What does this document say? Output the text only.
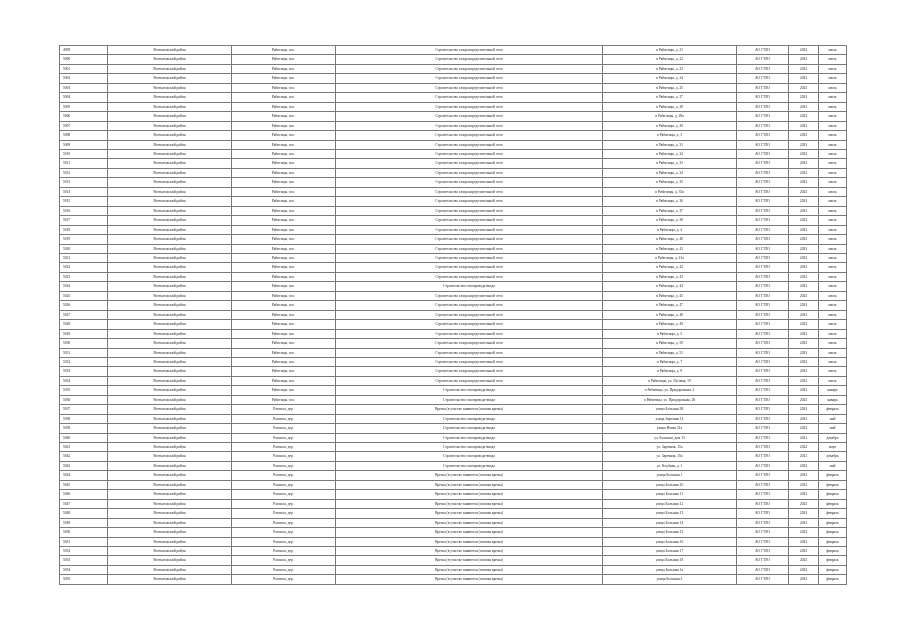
4999	Всеволожский район	Рябитицы, пос.	Строительство газораспределительной сети	п Рябитицы, д. 21	АО ГТЛО	2023	июль
5000	Всеволожский район	Рябитицы, пос.	Строительство газораспределительной сети	п Рябитицы, д. 22	АО ГТЛО	2023	июль
5001	Всеволожский район	Рябитицы, пос.	Строительство газораспределительной сети	п Рябитицы, д. 23	АО ГТЛО	2023	июль
5002	Всеволожский район	Рябитицы, пос.	Строительство газораспределительной сети	п Рябитицы, д. 24	АО ГТЛО	2023	июль
5003	Всеволожский район	Рябитицы, пос.	Строительство газораспределительной сети	п Рябитицы, д. 25	АО ГТЛО	2023	июль
5004	Всеволожский район	Рябитицы, пос.	Строительство газораспределительной сети	п Рябитицы, д. 27	АО ГТЛО	2023	июль
5005	Всеволожский район	Рябитицы, пос.	Строительство газораспределительной сети	п Рябитицы, д. 28	АО ГТЛО	2023	июль
5006	Всеволожский район	Рябитицы, пос.	Строительство газораспределительной сети	п Рябитицы, д. 28а	АО ГТЛО	2023	июль
5007	Всеволожский район	Рябитицы, пос.	Строительство газораспределительной сети	п Рябитицы, д. 29	АО ГТЛО	2023	июль
5008	Всеволожский район	Рябитицы, пос.	Строительство газораспределительной сети	п Рябитицы, д. 3	АО ГТЛО	2023	июль
5009	Всеволожский район	Рябитицы, пос.	Строительство газораспределительной сети	п Рябитицы, д. 31	АО ГТЛО	2023	июль
5010	Всеволожский район	Рябитицы, пос.	Строительство газораспределительной сети	п Рябитицы, д. 32	АО ГТЛО	2023	июль
5011	Всеволожский район	Рябитицы, пос.	Строительство газораспределительной сети	п Рябитицы, д. 33	АО ГТЛО	2023	июль
5012	Всеволожский район	Рябитицы, пос.	Строительство газораспределительной сети	п Рябитицы, д. 34	АО ГТЛО	2023	июль
5013	Всеволожский район	Рябитицы, пос.	Строительство газораспределительной сети	п Рябитицы, д. 35	АО ГТЛО	2023	июль
5014	Всеволожский район	Рябитицы, пос.	Строительство газораспределительной сети	п Рябитицы, д. 35а	АО ГТЛО	2023	июль
5015	Всеволожский район	Рябитицы, пос.	Строительство газораспределительной сети	п Рябитицы, д. 36	АО ГТЛО	2023	июль
5016	Всеволожский район	Рябитицы, пос.	Строительство газораспределительной сети	п Рябитицы, д. 37	АО ГТЛО	2023	июль
5017	Всеволожский район	Рябитицы, пос.	Строительство газораспределительной сети	п Рябитицы, д. 38	АО ГТЛО	2023	июль
5018	Всеволожский район	Рябитицы, пос.	Строительство газораспределительной сети	п Рябитицы, д. 4	АО ГТЛО	2023	июль
5019	Всеволожский район	Рябитицы, пос.	Строительство газораспределительной сети	п Рябитицы, д. 40	АО ГТЛО	2023	июль
5020	Всеволожский район	Рябитицы, пос.	Строительство газораспределительной сети	п Рябитицы, д. 41	АО ГТЛО	2023	июль
5021	Всеволожский район	Рябитицы, пос.	Строительство газораспределительной сети	п Рябитицы, д. 41а	АО ГТЛО	2023	июль
5022	Всеволожский район	Рябитицы, пос.	Строительство газораспределительной сети	п Рябитицы, д. 42	АО ГТЛО	2023	июль
5023	Всеволожский район	Рябитицы, пос.	Строительство газораспределительной сети	п Рябитицы, д. 43	АО ГТЛО	2023	июль
5024	Всеволожский район	Рябитицы, пос.	Строительство газопровода-ввода	п Рябитицы, д. 44	АО ГТЛО	2023	июль
5025	Всеволожский район	Рябитицы, пос.	Строительство газораспределительной сети	п Рябитицы, д. 45	АО ГТЛО	2023	июль
5026	Всеволожский район	Рябитицы, пос.	Строительство газораспределительной сети	п Рябитицы, д. 47	АО ГТЛО	2023	июль
5027	Всеволожский район	Рябитицы, пос.	Строительство газораспределительной сети	п Рябитицы, д. 48	АО ГТЛО	2023	июль
5028	Всеволожский район	Рябитицы, пос.	Строительство газораспределительной сети	п Рябитицы, д. 49	АО ГТЛО	2023	июль
5029	Всеволожский район	Рябитицы, пос.	Строительство газораспределительной сети	п Рябитицы, д. 5	АО ГТЛО	2023	июль
5030	Всеволожский район	Рябитицы, пос.	Строительство газораспределительной сети	п Рябитицы, д. 50	АО ГТЛО	2023	июль
5031	Всеволожский район	Рябитицы, пос.	Строительство газораспределительной сети	п Рябитицы, д. 51	АО ГТЛО	2023	июль
5032	Всеволожский район	Рябитицы, пос.	Строительство газораспределительной сети	п Рябитицы, д. 7	АО ГТЛО	2023	июль
5033	Всеволожский район	Рябитицы, пос.	Строительство газораспределительной сети	п Рябитицы, д. 9	АО ГТЛО	2023	июль
5034	Всеволожский район	Рябитицы, пос.	Строительство газораспределительной сети	п Рябитицы, ул. Луговая, 19	АО ГТЛО	2023	июль
5035	Всеволожский район	Рябитицы, пос.	Строительство газопровода-ввода	п Рябитицы, ул. Придорожная, 2	АО ГТЛО	2023	январь
5036	Всеволожский район	Рябитицы, пос.	Строительство газопровода-ввода	п Рябитицы, ул. Придорожная, 26	АО ГТЛО	2023	январь
5037	Всеволожский район	Раппола, дер.	Врезка (в участке заявителя (газовая врезка)	улица Большая 38	АО ГТЛО	2023	февраль
5038	Всеволожский район	Раппола, дер.	Строительство газопровода-ввода	улица Заречная 14	АО ГТЛО	2023	май
5039	Всеволожский район	Раппола, дер.	Строительство газопровода-ввода	улица Новая 31а	АО ГТЛО	2023	май
5040	Всеволожский район	Раппола, дер.	Строительство газопровода-ввода	ул. Большая, дом 13	АО ГТЛО	2021	декабрь
5041	Всеволожский район	Раппола, дер.	Строительство газопровода-ввода	ул. Заречная, 15а	АО ГТЛО	2022	март
5042	Всеволожский район	Раппола, дер.	Строительство газопровода-ввода	ул. Заречная, 15а	АО ГТЛО	2021	декабрь
5043	Всеволожский район	Раппола, дер.	Строительство газопровода-ввода	ул. Клубная, д. 1	АО ГТЛО	2023	май
5044	Всеволожский район	Раппола, дер.	Врезка (в участке заявителя (газовая врезка)	улица Большая 1	АО ГТЛО	2023	февраль
5045	Всеволожский район	Раппола, дер.	Врезка (в участке заявителя (газовая врезка)	улица Большая 10	АО ГТЛО	2023	февраль
5046	Всеволожский район	Раппола, дер.	Врезка (в участке заявителя (газовая врезка)	улица Большая 11	АО ГТЛО	2023	февраль
5047	Всеволожский район	Раппола, дер.	Врезка (в участке заявителя (газовая врезка)	улица Большая 12	АО ГТЛО	2023	февраль
5048	Всеволожский район	Раппола, дер.	Врезка (в участке заявителя (газовая врезка)	улица Большая 13	АО ГТЛО	2023	февраль
5049	Всеволожский район	Раппола, дер.	Врезка (в участке заявителя (газовая врезка)	улица Большая 14	АО ГТЛО	2023	февраль
5050	Всеволожский район	Раппола, дер.	Врезка (в участке заявителя (газовая врезка)	улица Большая 15	АО ГТЛО	2023	февраль
5051	Всеволожский район	Раппола, дер.	Врезка (в участке заявителя (газовая врезка)	улица Большая 16	АО ГТЛО	2023	февраль
5052	Всеволожский район	Раппола, дер.	Врезка (в участке заявителя (газовая врезка)	улица Большая 17	АО ГТЛО	2023	февраль
5053	Всеволожский район	Раппола, дер.	Врезка (в участке заявителя (газовая врезка)	улица Большая 18	АО ГТЛО	2023	февраль
5054	Всеволожский район	Раппола, дер.	Врезка (в участке заявителя (газовая врезка)	улица Большая 1а	АО ГТЛО	2023	февраль
5055	Всеволожский район	Раппола, дер.	Врезка (в участке заявителя (газовая врезка)	улица Большая 2	АО ГТЛО	2023	февраль
